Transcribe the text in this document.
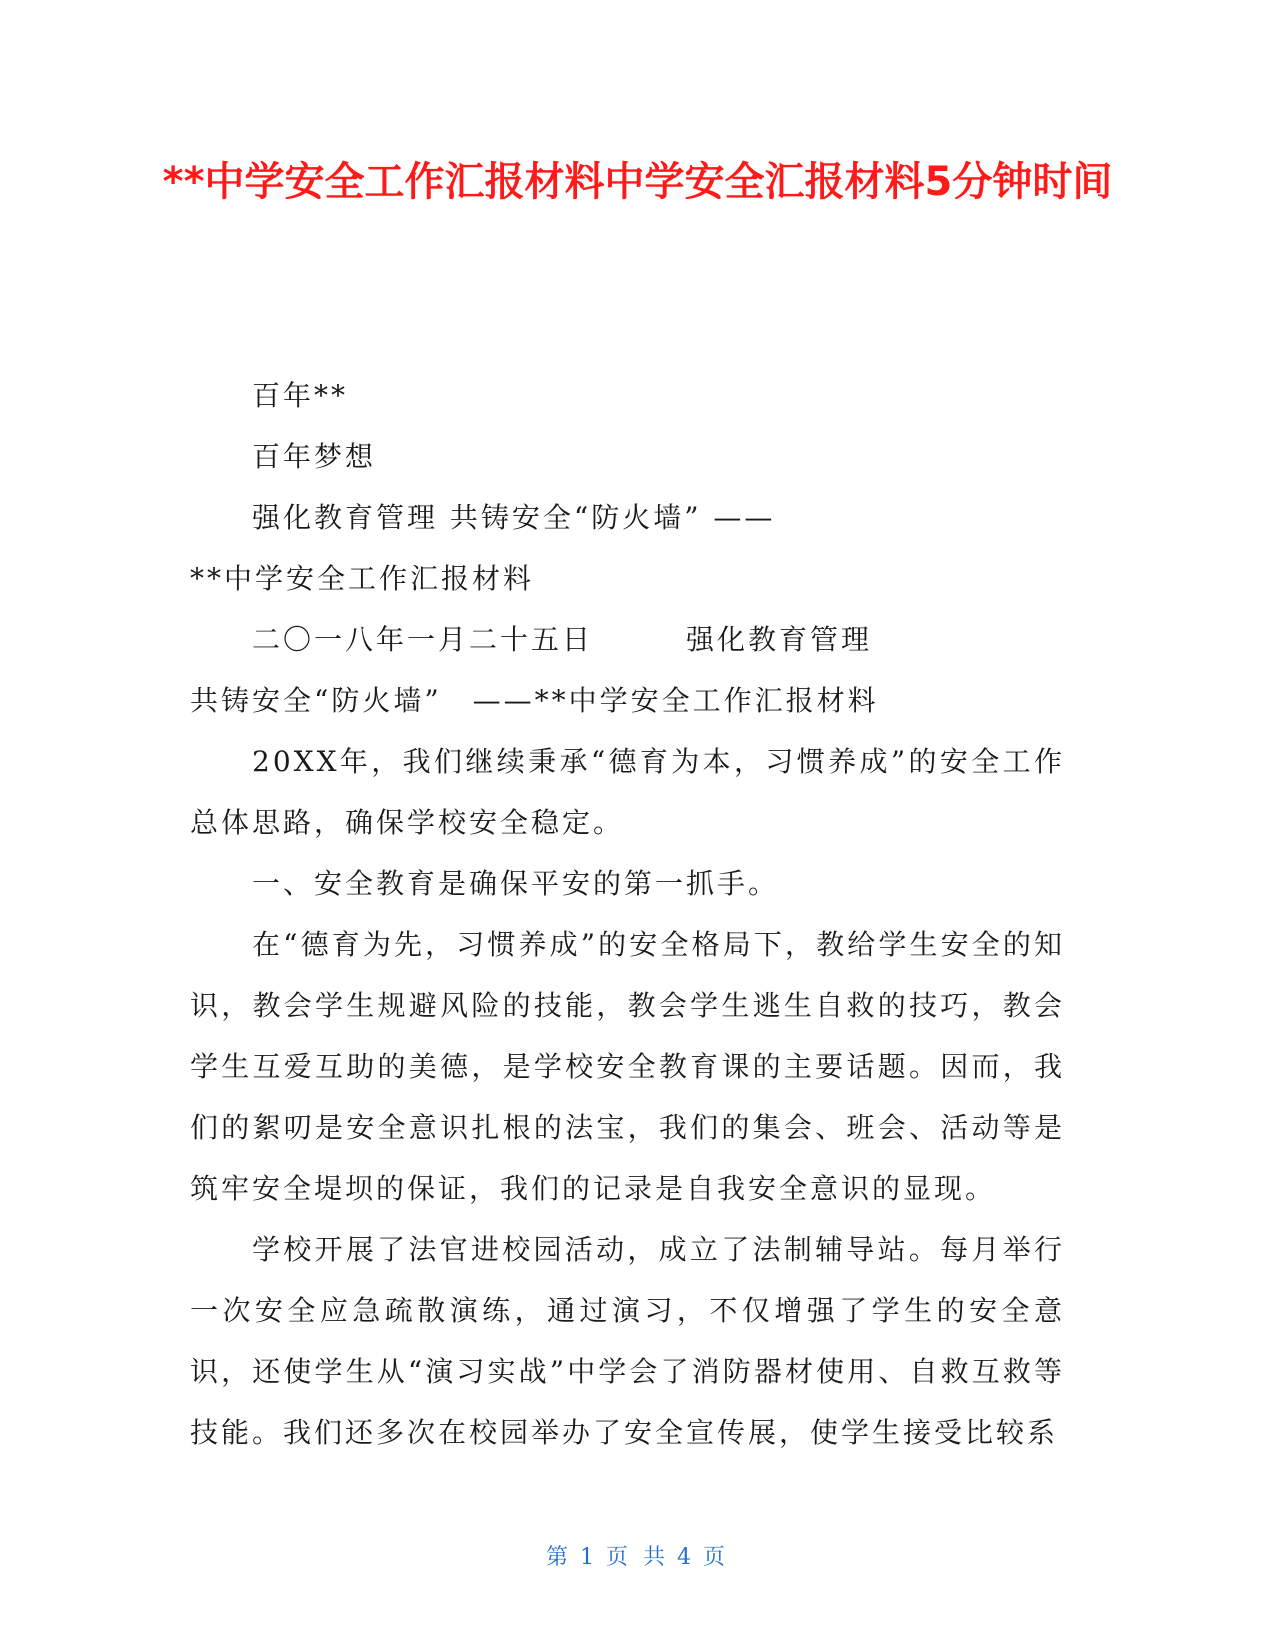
**中学安全工作汇报材料中学安全汇报材料5分钟时间

百年**

百年梦想

强化教育管理 共铸安全“防火墙” ——

**中学安全工作汇报材料

二〇一八年一月二十五日　　　强化教育管理

共铸安全“防火墙”　——**中学安全工作汇报材料

20XX年，我们继续秉承“德育为本，习惯养成”的安全工作总体思路，确保学校安全稳定。

一、安全教育是确保平安的第一抓手。

在“德育为先，习惯养成”的安全格局下，教给学生安全的知识，教会学生规避风险的技能，教会学生逃生自救的技巧，教会学生互爱互助的美德，是学校安全教育课的主要话题。因而，我们的絮叨是安全意识扎根的法宝，我们的集会、班会、活动等是筑牢安全堤坝的保证，我们的记录是自我安全意识的显现。

学校开展了法官进校园活动，成立了法制辅导站。每月举行一次安全应急疏散演练，通过演习，不仅增强了学生的安全意识，还使学生从“演习实战”中学会了消防器材使用、自救互救等技能。我们还多次在校园举办了安全宣传展，使学生接受比较系

第 1 页 共 4 页
